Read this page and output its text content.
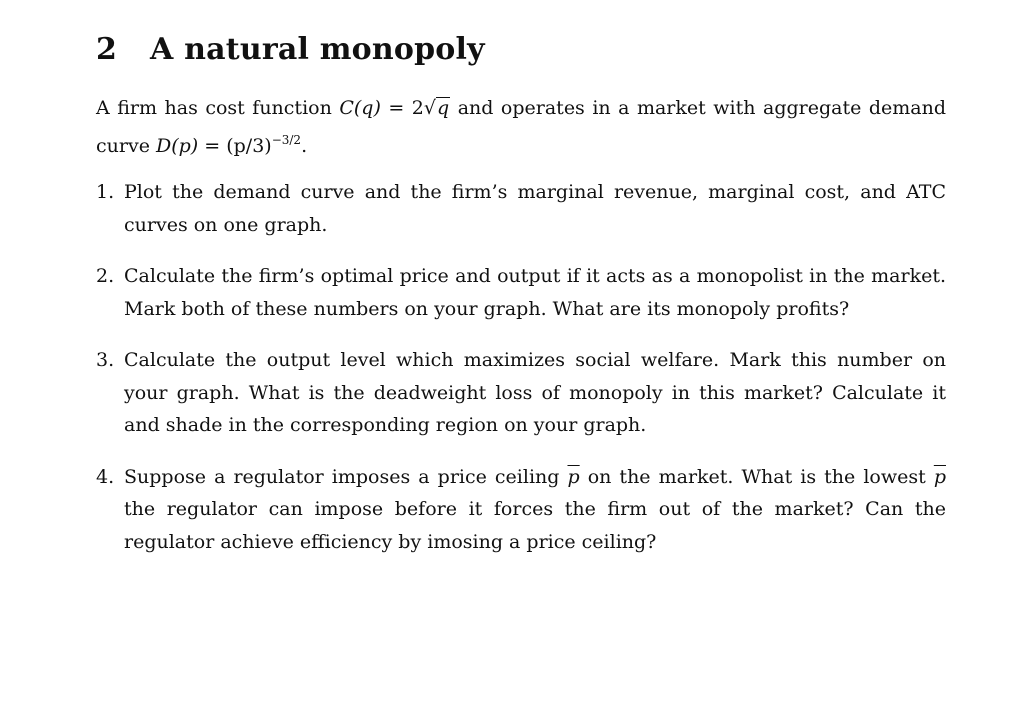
2 A natural monopoly

A firm has cost function C(q) = 2√q and operates in a market with aggregate demand curve $D(p) = (p/3)^{-3/2}$.

1. Plot the demand curve and the firm’s marginal revenue, marginal cost, and ATC curves on one graph.
2. Calculate the firm’s optimal price and output if it acts as a monopolist in the market. Mark both of these numbers on your graph. What are its monopoly profits?
3. Calculate the output level which maximizes social welfare. Mark this number on your graph. What is the deadweight loss of monopoly in this market? Calculate it and shade in the corresponding region on your graph.
4. Suppose a regulator imposes a price ceiling $\overline{p}$ on the market. What is the lowest $\overline{p}$ the regulator can impose before it forces the firm out of the market? Can the regulator achieve efficiency by imosing a price ceiling?
